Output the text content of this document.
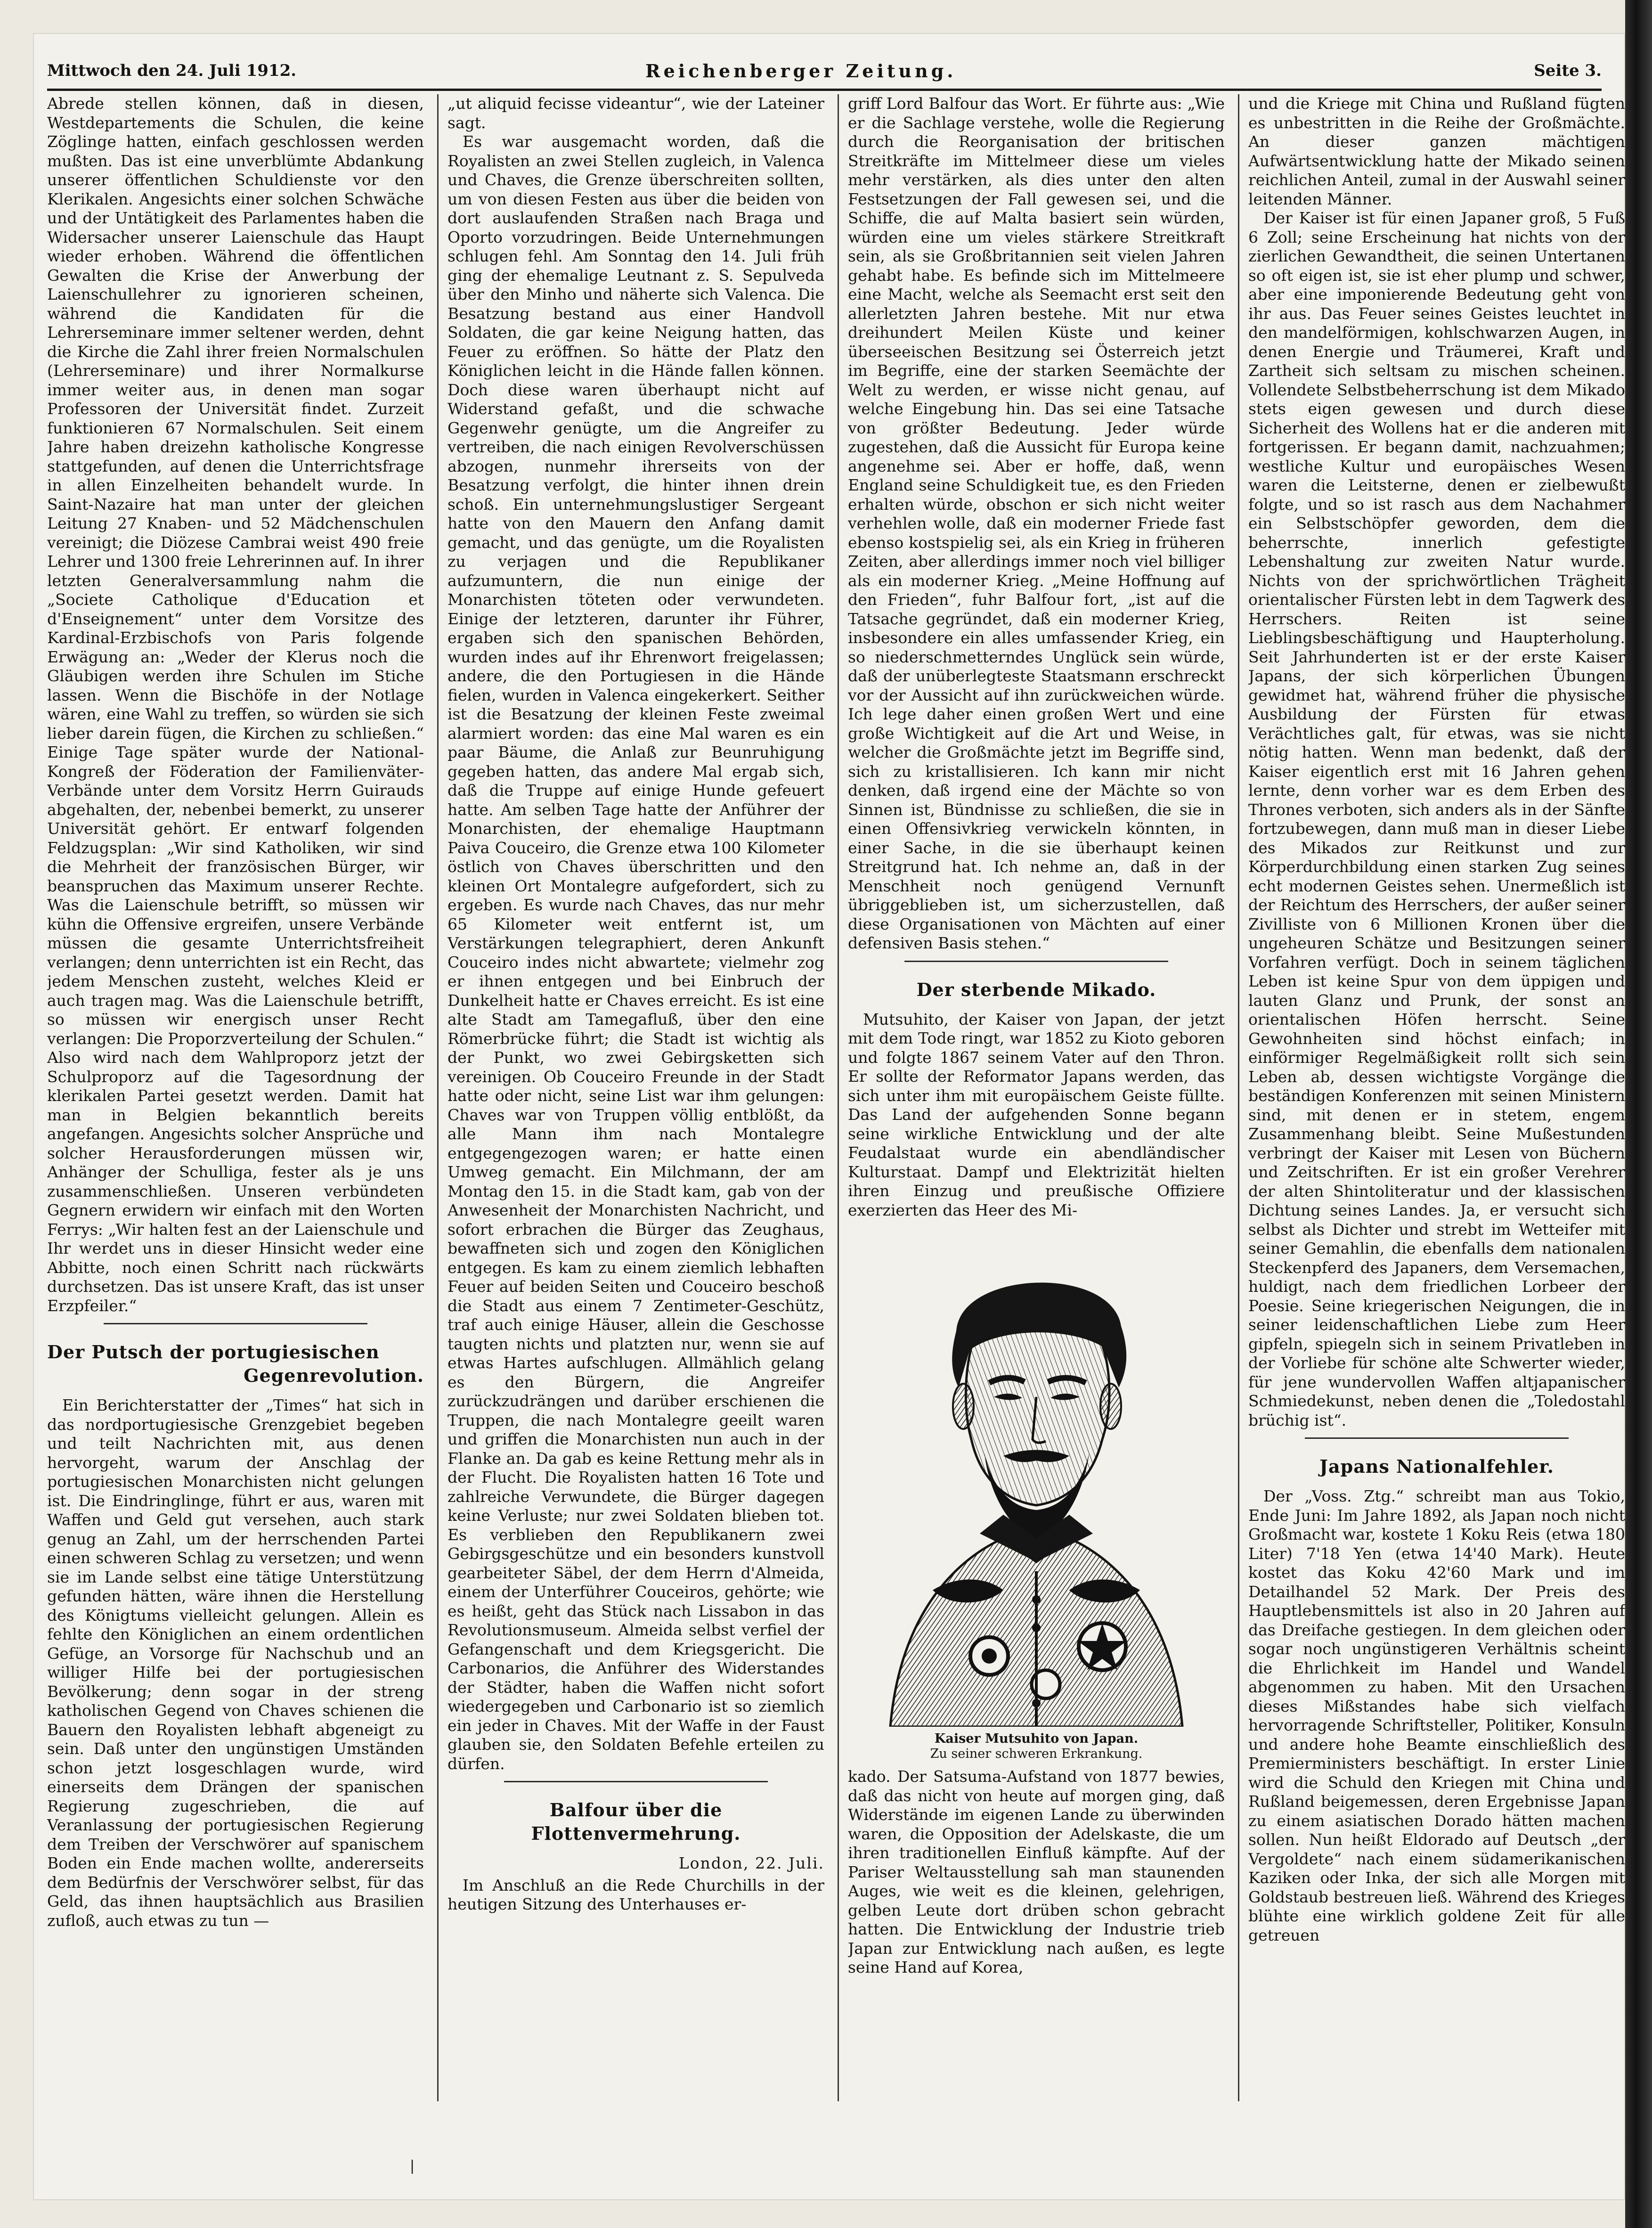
Mittwoch den 24. Juli 1912.	Reichenberger Zeitung.	Seite 3.

Abrede stellen können, daß in diesen, Westdepartements die Schulen, die keine Zöglinge hatten, einfach geschlossen werden mußten. Das ist eine unverblümte Abdankung unserer öffentlichen Schuldienste vor den Klerikalen. Angesichts einer solchen Schwäche und der Untätigkeit des Parlamentes haben die Widersacher unserer Laienschule das Haupt wieder erhoben. Während die öffentlichen Gewalten die Krise der Anwerbung der Laienschullehrer zu ignorieren scheinen, während die Kandidaten für die Lehrerseminare immer seltener werden, dehnt die Kirche die Zahl ihrer freien Normalschulen (Lehrerseminare) und ihrer Normalkurse immer weiter aus, in denen man sogar Professoren der Universität findet. Zurzeit funktionieren 67 Normalschulen. Seit einem Jahre haben dreizehn katholische Kongresse stattgefunden, auf denen die Unterrichtsfrage in allen Einzelheiten behandelt wurde. In Saint-Nazaire hat man unter der gleichen Leitung 27 Knaben- und 52 Mädchenschulen vereinigt; die Diözese Cambrai weist 490 freie Lehrer und 1300 freie Lehrerinnen auf. In ihrer letzten Generalversammlung nahm die „Societe Catholique d'Education et d'Enseignement“ unter dem Vorsitze des Kardinal-Erzbischofs von Paris folgende Erwägung an: „Weder der Klerus noch die Gläubigen werden ihre Schulen im Stiche lassen. Wenn die Bischöfe in der Notlage wären, eine Wahl zu treffen, so würden sie sich lieber darein fügen, die Kirchen zu schließen.“ Einige Tage später wurde der National-Kongreß der Föderation der Familienväter-Verbände unter dem Vorsitz Herrn Guirauds abgehalten, der, nebenbei bemerkt, zu unserer Universität gehört. Er entwarf folgenden Feldzugsplan: „Wir sind Katholiken, wir sind die Mehrheit der französischen Bürger, wir beanspruchen das Maximum unserer Rechte. Was die Laienschule betrifft, so müssen wir kühn die Offensive ergreifen, unsere Verbände müssen die gesamte Unterrichtsfreiheit verlangen; denn unterrichten ist ein Recht, das jedem Menschen zusteht, welches Kleid er auch tragen mag. Was die Laienschule betrifft, so müssen wir energisch unser Recht verlangen: Die Proporzverteilung der Schulen.“ Also wird nach dem Wahlproporz jetzt der Schulproporz auf die Tagesordnung der klerikalen Partei gesetzt werden. Damit hat man in Belgien bekanntlich bereits angefangen. Angesichts solcher Ansprüche und solcher Herausforderungen müssen wir, Anhänger der Schulliga, fester als je uns zusammenschließen. Unseren verbündeten Gegnern erwidern wir einfach mit den Worten Ferrys: „Wir halten fest an der Laienschule und Ihr werdet uns in dieser Hinsicht weder eine Abbitte, noch einen Schritt nach rückwärts durchsetzen. Das ist unsere Kraft, das ist unser Erzpfeiler.“

Der Putsch der portugiesischen
Gegenrevolution.

Ein Berichterstatter der „Times“ hat sich in das nordportugiesische Grenzgebiet begeben und teilt Nachrichten mit, aus denen hervorgeht, warum der Anschlag der portugiesischen Monarchisten nicht gelungen ist. Die Eindringlinge, führt er aus, waren mit Waffen und Geld gut versehen, auch stark genug an Zahl, um der herrschenden Partei einen schweren Schlag zu versetzen; und wenn sie im Lande selbst eine tätige Unterstützung gefunden hätten, wäre ihnen die Herstellung des Königtums vielleicht gelungen. Allein es fehlte den Königlichen an einem ordentlichen Gefüge, an Vorsorge für Nachschub und an williger Hilfe bei der portugiesischen Bevölkerung; denn sogar in der streng katholischen Gegend von Chaves schienen die Bauern den Royalisten lebhaft abgeneigt zu sein. Daß unter den ungünstigen Umständen schon jetzt losgeschlagen wurde, wird einerseits dem Drängen der spanischen Regierung zugeschrieben, die auf Veranlassung der portugiesischen Regierung dem Treiben der Verschwörer auf spanischem Boden ein Ende machen wollte, andererseits dem Bedürfnis der Verschwörer selbst, für das Geld, das ihnen hauptsächlich aus Brasilien zufloß, auch etwas zu tun —

„ut aliquid fecisse videantur“, wie der Lateiner sagt.

Es war ausgemacht worden, daß die Royalisten an zwei Stellen zugleich, in Valenca und Chaves, die Grenze überschreiten sollten, um von diesen Festen aus über die beiden von dort auslaufenden Straßen nach Braga und Oporto vorzudringen. Beide Unternehmungen schlugen fehl. Am Sonntag den 14. Juli früh ging der ehemalige Leutnant z. S. Sepulveda über den Minho und näherte sich Valenca. Die Besatzung bestand aus einer Handvoll Soldaten, die gar keine Neigung hatten, das Feuer zu eröffnen. So hätte der Platz den Königlichen leicht in die Hände fallen können. Doch diese waren überhaupt nicht auf Widerstand gefaßt, und die schwache Gegenwehr genügte, um die Angreifer zu vertreiben, die nach einigen Revolverschüssen abzogen, nunmehr ihrerseits von der Besatzung verfolgt, die hinter ihnen drein schoß. Ein unternehmungslustiger Sergeant hatte von den Mauern den Anfang damit gemacht, und das genügte, um die Royalisten zu verjagen und die Republikaner aufzumuntern, die nun einige der Monarchisten töteten oder verwundeten. Einige der letzteren, darunter ihr Führer, ergaben sich den spanischen Behörden, wurden indes auf ihr Ehrenwort freigelassen; andere, die den Portugiesen in die Hände fielen, wurden in Valenca eingekerkert. Seither ist die Besatzung der kleinen Feste zweimal alarmiert worden: das eine Mal waren es ein paar Bäume, die Anlaß zur Beunruhigung gegeben hatten, das andere Mal ergab sich, daß die Truppe auf einige Hunde gefeuert hatte. Am selben Tage hatte der Anführer der Monarchisten, der ehemalige Hauptmann Paiva Couceiro, die Grenze etwa 100 Kilometer östlich von Chaves überschritten und den kleinen Ort Montalegre aufgefordert, sich zu ergeben. Es wurde nach Chaves, das nur mehr 65 Kilometer weit entfernt ist, um Verstärkungen telegraphiert, deren Ankunft Couceiro indes nicht abwartete; vielmehr zog er ihnen entgegen und bei Einbruch der Dunkelheit hatte er Chaves erreicht. Es ist eine alte Stadt am Tamegafluß, über den eine Römerbrücke führt; die Stadt ist wichtig als der Punkt, wo zwei Gebirgsketten sich vereinigen. Ob Couceiro Freunde in der Stadt hatte oder nicht, seine List war ihm gelungen: Chaves war von Truppen völlig entblößt, da alle Mann ihm nach Montalegre entgegengezogen waren; er hatte einen Umweg gemacht. Ein Milchmann, der am Montag den 15. in die Stadt kam, gab von der Anwesenheit der Monarchisten Nachricht, und sofort erbrachen die Bürger das Zeughaus, bewaffneten sich und zogen den Königlichen entgegen. Es kam zu einem ziemlich lebhaften Feuer auf beiden Seiten und Couceiro beschoß die Stadt aus einem 7 Zentimeter-Geschütz, traf auch einige Häuser, allein die Geschosse taugten nichts und platzten nur, wenn sie auf etwas Hartes aufschlugen. Allmählich gelang es den Bürgern, die Angreifer zurückzudrängen und darüber erschienen die Truppen, die nach Montalegre geeilt waren und griffen die Monarchisten nun auch in der Flanke an. Da gab es keine Rettung mehr als in der Flucht. Die Royalisten hatten 16 Tote und zahlreiche Verwundete, die Bürger dagegen keine Verluste; nur zwei Soldaten blieben tot. Es verblieben den Republikanern zwei Gebirgsgeschütze und ein besonders kunstvoll gearbeiteter Säbel, der dem Herrn d'Almeida, einem der Unterführer Couceiros, gehörte; wie es heißt, geht das Stück nach Lissabon in das Revolutionsmuseum. Almeida selbst verfiel der Gefangenschaft und dem Kriegsgericht. Die Carbonarios, die Anführer des Widerstandes der Städter, haben die Waffen nicht sofort wiedergegeben und Carbonario ist so ziemlich ein jeder in Chaves. Mit der Waffe in der Faust glauben sie, den Soldaten Befehle erteilen zu dürfen.

Balfour über die Flottenvermehrung.
London, 22. Juli.

Im Anschluß an die Rede Churchills in der heutigen Sitzung des Unterhauses er-

griff Lord Balfour das Wort. Er führte aus: „Wie er die Sachlage verstehe, wolle die Regierung durch die Reorganisation der britischen Streitkräfte im Mittelmeer diese um vieles mehr verstärken, als dies unter den alten Festsetzungen der Fall gewesen sei, und die Schiffe, die auf Malta basiert sein würden, würden eine um vieles stärkere Streitkraft sein, als sie Großbritannien seit vielen Jahren gehabt habe. Es befinde sich im Mittelmeere eine Macht, welche als Seemacht erst seit den allerletzten Jahren bestehe. Mit nur etwa dreihundert Meilen Küste und keiner überseeischen Besitzung sei Österreich jetzt im Begriffe, eine der starken Seemächte der Welt zu werden, er wisse nicht genau, auf welche Eingebung hin. Das sei eine Tatsache von größter Bedeutung. Jeder würde zugestehen, daß die Aussicht für Europa keine angenehme sei. Aber er hoffe, daß, wenn England seine Schuldigkeit tue, es den Frieden erhalten würde, obschon er sich nicht weiter verhehlen wolle, daß ein moderner Friede fast ebenso kostspielig sei, als ein Krieg in früheren Zeiten, aber allerdings immer noch viel billiger als ein moderner Krieg. „Meine Hoffnung auf den Frieden“, fuhr Balfour fort, „ist auf die Tatsache gegründet, daß ein moderner Krieg, insbesondere ein alles umfassender Krieg, ein so niederschmetterndes Unglück sein würde, daß der unüberlegteste Staatsmann erschreckt vor der Aussicht auf ihn zurückweichen würde. Ich lege daher einen großen Wert und eine große Wichtigkeit auf die Art und Weise, in welcher die Großmächte jetzt im Begriffe sind, sich zu kristallisieren. Ich kann mir nicht denken, daß irgend eine der Mächte so von Sinnen ist, Bündnisse zu schließen, die sie in einen Offensivkrieg verwickeln könnten, in einer Sache, in die sie überhaupt keinen Streitgrund hat. Ich nehme an, daß in der Menschheit noch genügend Vernunft übriggeblieben ist, um sicherzustellen, daß diese Organisationen von Mächten auf einer defensiven Basis stehen.“

Der sterbende Mikado.

Mutsuhito, der Kaiser von Japan, der jetzt mit dem Tode ringt, war 1852 zu Kioto geboren und folgte 1867 seinem Vater auf den Thron. Er sollte der Reformator Japans werden, das sich unter ihm mit europäischem Geiste füllte. Das Land der aufgehenden Sonne begann seine wirkliche Entwicklung und der alte Feudalstaat wurde ein abendländischer Kulturstaat. Dampf und Elektrizität hielten ihren Einzug und preußische Offiziere exerzierten das Heer des Mi-

Kaiser Mutsuhito von Japan.
Zu seiner schweren Erkrankung.

kado. Der Satsuma-Aufstand von 1877 bewies, daß das nicht von heute auf morgen ging, daß Widerstände im eigenen Lande zu überwinden waren, die Opposition der Adelskaste, die um ihren traditionellen Einfluß kämpfte. Auf der Pariser Weltausstellung sah man staunenden Auges, wie weit es die kleinen, gelehrigen, gelben Leute dort drüben schon gebracht hatten. Die Entwicklung der Industrie trieb Japan zur Entwicklung nach außen, es legte seine Hand auf Korea,

und die Kriege mit China und Rußland fügten es unbestritten in die Reihe der Großmächte. An dieser ganzen mächtigen Aufwärtsentwicklung hatte der Mikado seinen reichlichen Anteil, zumal in der Auswahl seiner leitenden Männer.

Der Kaiser ist für einen Japaner groß, 5 Fuß 6 Zoll; seine Erscheinung hat nichts von der zierlichen Gewandtheit, die seinen Untertanen so oft eigen ist, sie ist eher plump und schwer, aber eine imponierende Bedeutung geht von ihr aus. Das Feuer seines Geistes leuchtet in den mandelförmigen, kohlschwarzen Augen, in denen Energie und Träumerei, Kraft und Zartheit sich seltsam zu mischen scheinen. Vollendete Selbstbeherrschung ist dem Mikado stets eigen gewesen und durch diese Sicherheit des Wollens hat er die anderen mit fortgerissen. Er begann damit, nachzuahmen; westliche Kultur und europäisches Wesen waren die Leitsterne, denen er zielbewußt folgte, und so ist rasch aus dem Nachahmer ein Selbstschöpfer geworden, dem die beherrschte, innerlich gefestigte Lebenshaltung zur zweiten Natur wurde. Nichts von der sprichwörtlichen Trägheit orientalischer Fürsten lebt in dem Tagwerk des Herrschers. Reiten ist seine Lieblingsbeschäftigung und Haupterholung. Seit Jahrhunderten ist er der erste Kaiser Japans, der sich körperlichen Übungen gewidmet hat, während früher die physische Ausbildung der Fürsten für etwas Verächtliches galt, für etwas, was sie nicht nötig hatten. Wenn man bedenkt, daß der Kaiser eigentlich erst mit 16 Jahren gehen lernte, denn vorher war es dem Erben des Thrones verboten, sich anders als in der Sänfte fortzubewegen, dann muß man in dieser Liebe des Mikados zur Reitkunst und zur Körperdurchbildung einen starken Zug seines echt modernen Geistes sehen. Unermeßlich ist der Reichtum des Herrschers, der außer seiner Zivilliste von 6 Millionen Kronen über die ungeheuren Schätze und Besitzungen seiner Vorfahren verfügt. Doch in seinem täglichen Leben ist keine Spur von dem üppigen und lauten Glanz und Prunk, der sonst an orientalischen Höfen herrscht. Seine Gewohnheiten sind höchst einfach; in einförmiger Regelmäßigkeit rollt sich sein Leben ab, dessen wichtigste Vorgänge die beständigen Konferenzen mit seinen Ministern sind, mit denen er in stetem, engem Zusammenhang bleibt. Seine Mußestunden verbringt der Kaiser mit Lesen von Büchern und Zeitschriften. Er ist ein großer Verehrer der alten Shintoliteratur und der klassischen Dichtung seines Landes. Ja, er versucht sich selbst als Dichter und strebt im Wetteifer mit seiner Gemahlin, die ebenfalls dem nationalen Steckenpferd des Japaners, dem Versemachen, huldigt, nach dem friedlichen Lorbeer der Poesie. Seine kriegerischen Neigungen, die in seiner leidenschaftlichen Liebe zum Heer gipfeln, spiegeln sich in seinem Privatleben in der Vorliebe für schöne alte Schwerter wieder, für jene wundervollen Waffen altjapanischer Schmiedekunst, neben denen die „Toledostahl brüchig ist“.

Japans Nationalfehler.

Der „Voss. Ztg.“ schreibt man aus Tokio, Ende Juni: Im Jahre 1892, als Japan noch nicht Großmacht war, kostete 1 Koku Reis (etwa 180 Liter) 7'18 Yen (etwa 14'40 Mark). Heute kostet das Koku 42'60 Mark und im Detailhandel 52 Mark. Der Preis des Hauptlebensmittels ist also in 20 Jahren auf das Dreifache gestiegen. In dem gleichen oder sogar noch ungünstigeren Verhältnis scheint die Ehrlichkeit im Handel und Wandel abgenommen zu haben. Mit den Ursachen dieses Mißstandes habe sich vielfach hervorragende Schriftsteller, Politiker, Konsuln und andere hohe Beamte einschließlich des Premierministers beschäftigt. In erster Linie wird die Schuld den Kriegen mit China und Rußland beigemessen, deren Ergebnisse Japan zu einem asiatischen Dorado hätten machen sollen. Nun heißt Eldorado auf Deutsch „der Vergoldete“ nach einem südamerikanischen Kaziken oder Inka, der sich alle Morgen mit Goldstaub bestreuen ließ. Während des Krieges blühte eine wirklich goldene Zeit für alle getreuen

|
